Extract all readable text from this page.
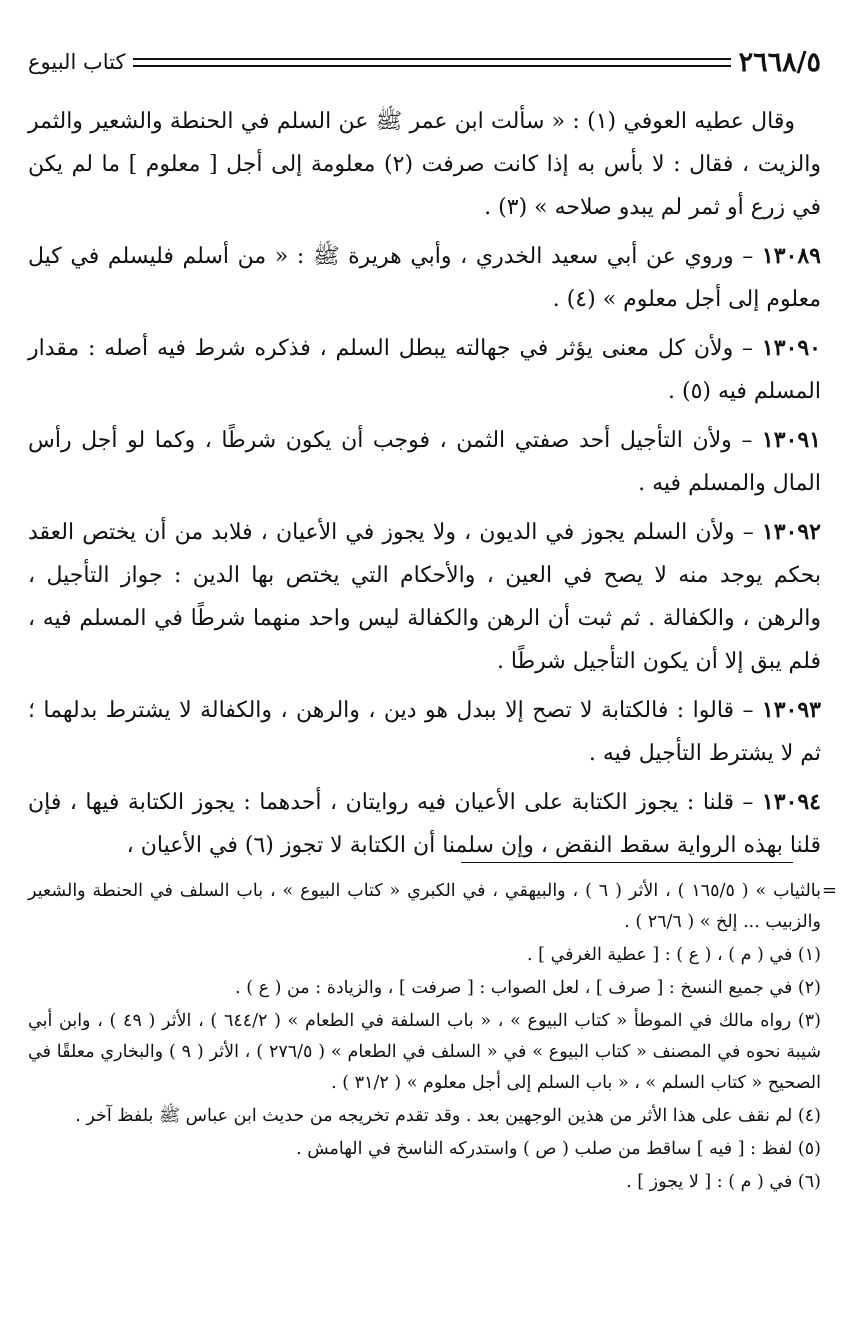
٢٦٦٨/٥
كتاب البيوع

وقال عطيه العوفي (١) : « سألت ابن عمر ﷺ عن السلم في الحنطة والشعير والثمر والزيت ، فقال : لا بأس به إذا كانت صرفت (٢) معلومة إلى أجل [ معلوم ] ما لم يكن في زرع أو ثمر لم يبدو صلاحه » (٣) .

١٣٠٨٩ – وروي عن أبي سعيد الخدري ، وأبي هريرة ﷺ : « من أسلم فليسلم في كيل معلوم إلى أجل معلوم » (٤) .

١٣٠٩٠ – ولأن كل معنى يؤثر في جهالته يبطل السلم ، فذكره شرط فيه أصله : مقدار المسلم فيه (٥) .

١٣٠٩١ – ولأن التأجيل أحد صفتي الثمن ، فوجب أن يكون شرطًا ، وكما لو أجل رأس المال والمسلم فيه .

١٣٠٩٢ – ولأن السلم يجوز في الديون ، ولا يجوز في الأعيان ، فلابد من أن يختص العقد بحكم يوجد منه لا يصح في العين ، والأحكام التي يختص بها الدين : جواز التأجيل ، والرهن ، والكفالة . ثم ثبت أن الرهن والكفالة ليس واحد منهما شرطًا في المسلم فيه ، فلم يبق إلا أن يكون التأجيل شرطًا .

١٣٠٩٣ – قالوا : فالكتابة لا تصح إلا ببدل هو دين ، والرهن ، والكفالة لا يشترط بدلهما ؛ ثم لا يشترط التأجيل فيه .

١٣٠٩٤ – قلنا : يجوز الكتابة على الأعيان فيه روايتان ، أحدهما : يجوز الكتابة فيها ، فإن قلنا بهذه الرواية سقط النقض ، وإن سلمنا أن الكتابة لا تجوز (٦) في الأعيان ،

=

بالثياب » ( ١٦٥/٥ ) ، الأثر ( ٦ ) ، والبيهقي ، في الكبري « كتاب البيوع » ، باب السلف في الحنطة والشعير والزبيب ... إلخ » ( ٢٦/٦ ) .

(١) في ( م ) ، ( ع ) : [ عطية الغرفي ] .

(٢) في جميع النسخ : [ صرف ] ، لعل الصواب : [ صرفت ] ، والزيادة : من ( ع ) .

(٣) رواه مالك في الموطأ « كتاب البيوع » ، « باب السلفة في الطعام » ( ٦٤٤/٢ ) ، الأثر ( ٤٩ ) ، وابن أبي شيبة نحوه في المصنف « كتاب البيوع » في « السلف في الطعام » ( ٢٧٦/٥ ) ، الأثر ( ٩ ) والبخاري معلقًا في الصحيح « كتاب السلم » ، « باب السلم إلى أجل معلوم » ( ٣١/٢ ) .

(٤) لم نقف على هذا الأثر من هذين الوجهين بعد . وقد تقدم تخريجه من حديث ابن عباس ﷺ بلفظ آخر .

(٥) لفظ : [ فيه ] ساقط من صلب ( ص ) واستدركه الناسخ في الهامش .

(٦) في ( م ) : [ لا يجوز ] .
